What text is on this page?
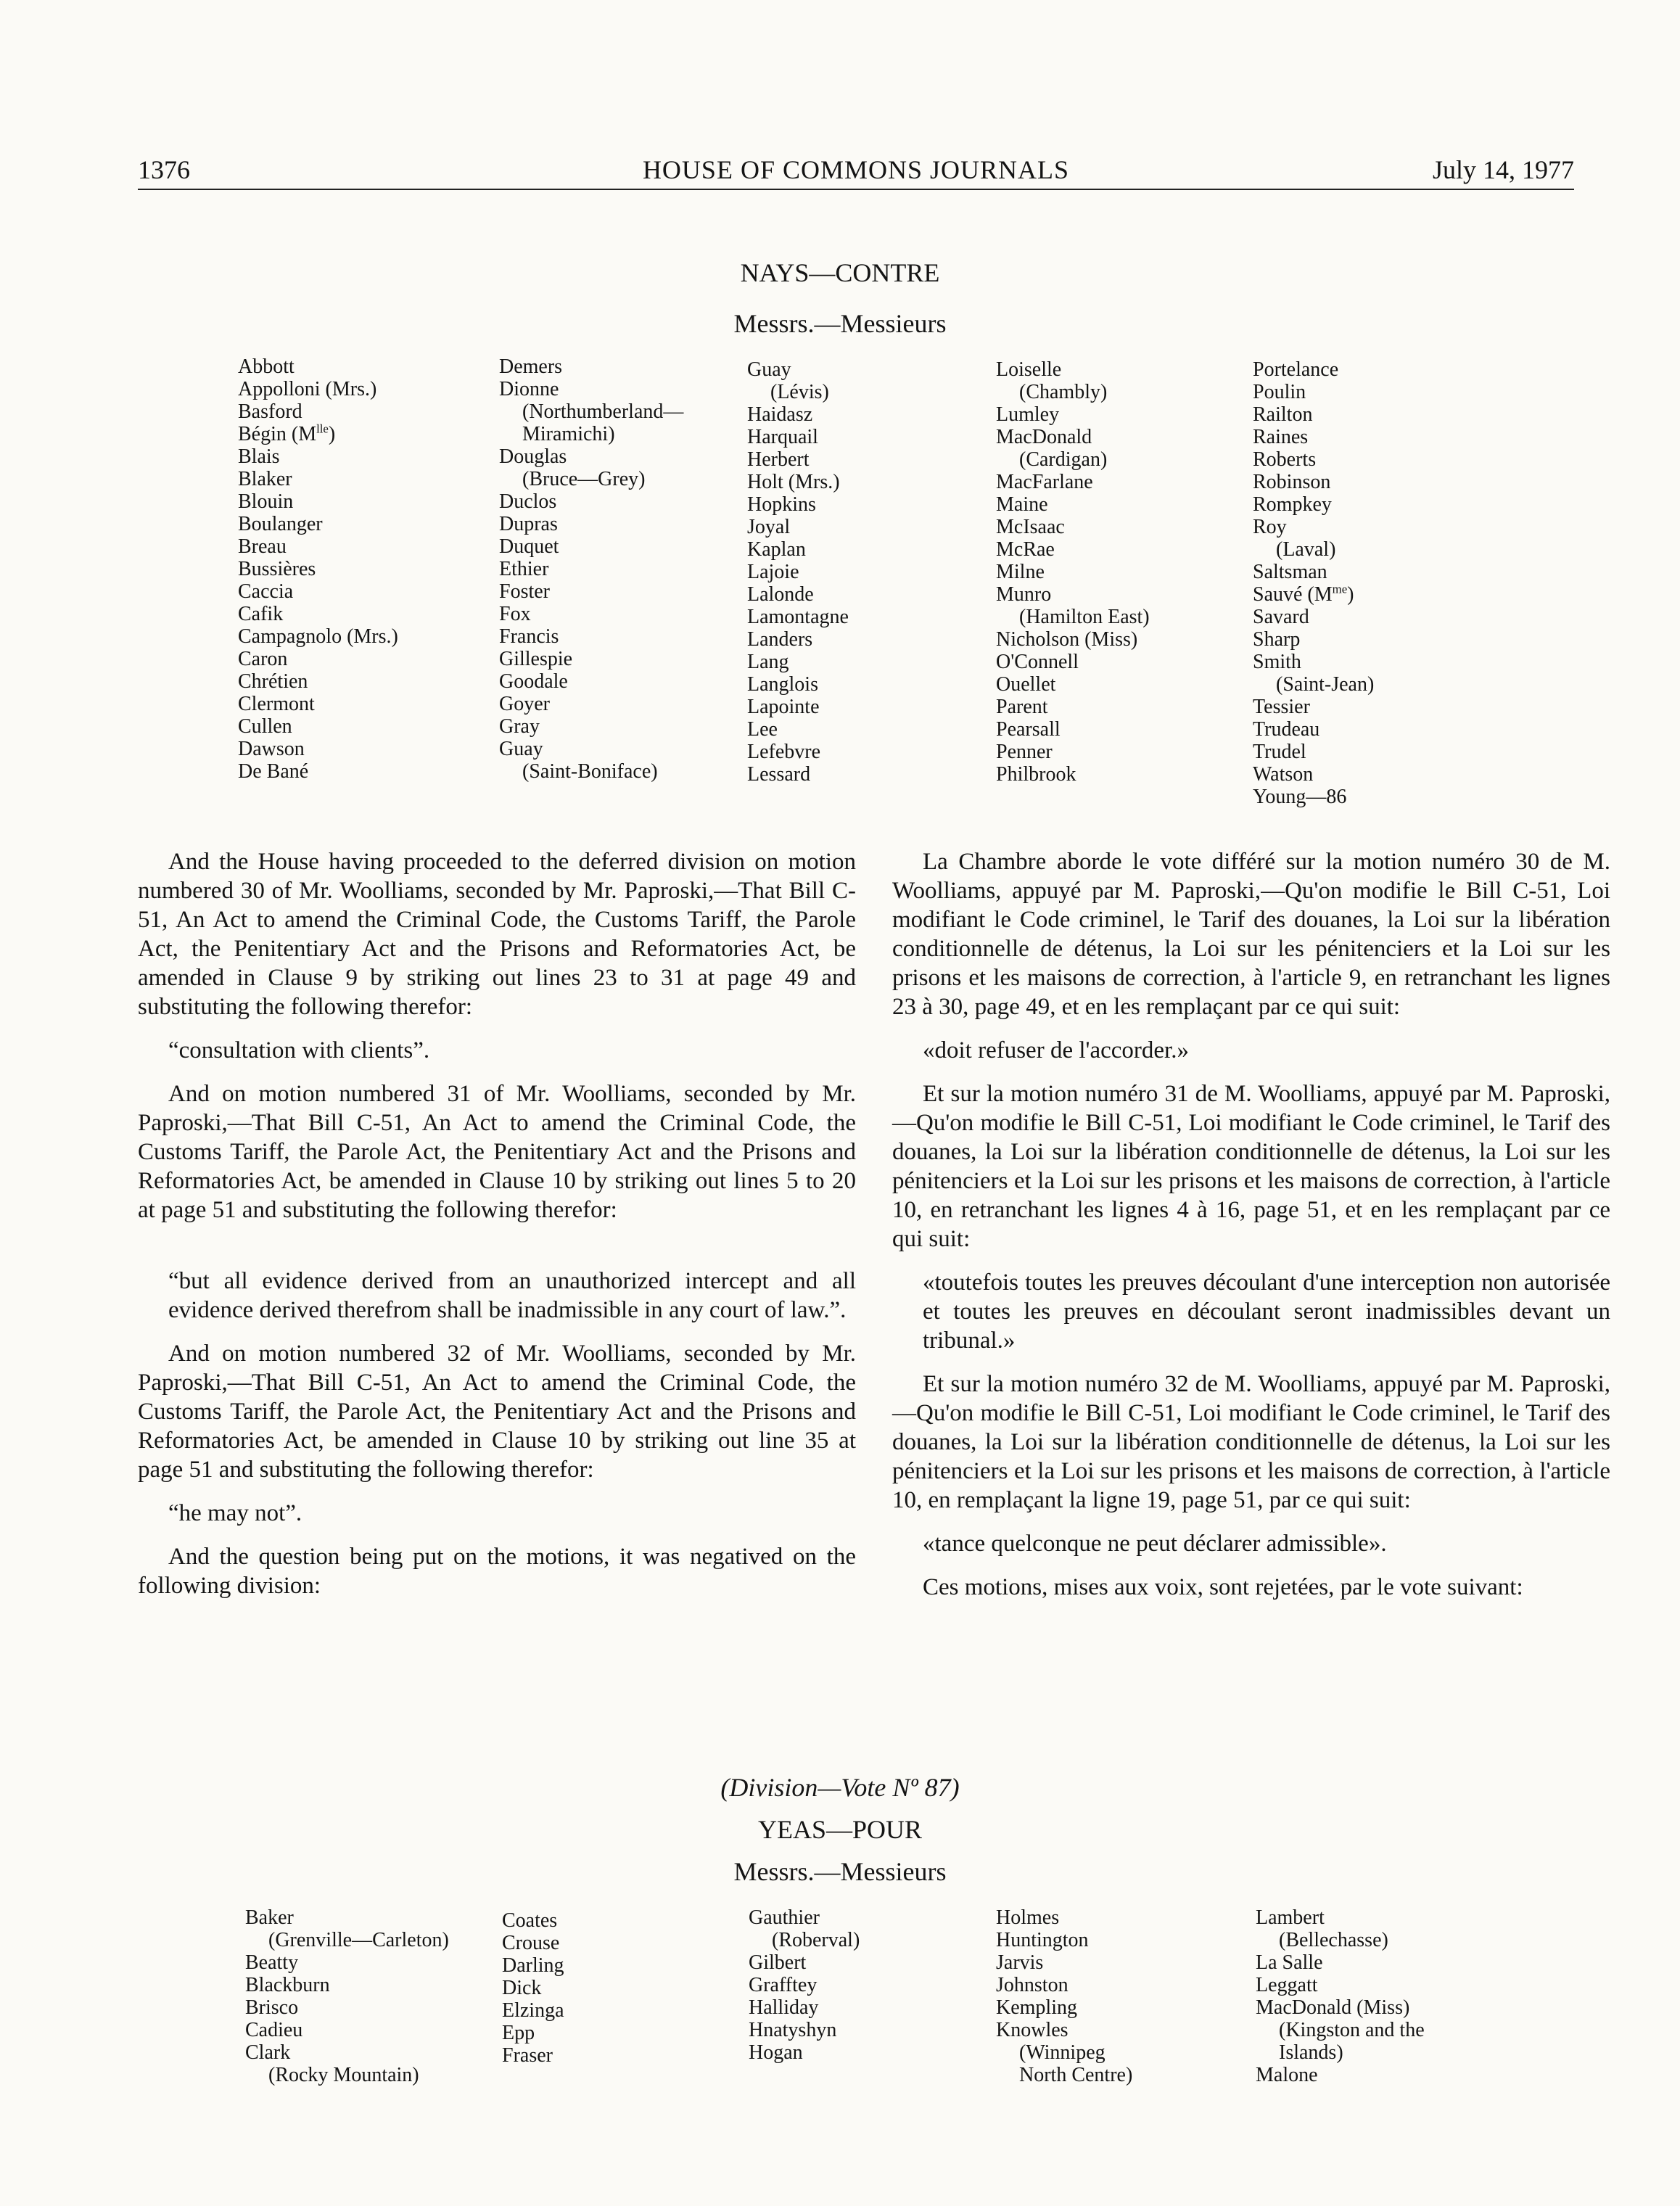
1376	HOUSE OF COMMONS JOURNALS	July 14, 1977
NAYS—CONTRE
Messrs.—Messieurs
Abbott
Appolloni (Mrs.)
Basford
Bégin $(M^{lle})$
Blais
Blaker
Blouin
Boulanger
Breau
Bussières
Caccia
Cafik
Campagnolo (Mrs.)
Caron
Chrétien
Clermont
Cullen
Dawson
De Bané
Demers
Dionne
(Northumberland—
Miramichi)
Douglas
(Bruce—Grey)
Duclos
Dupras
Duquet
Ethier
Foster
Fox
Francis
Gillespie
Goodale
Goyer
Gray
Guay
(Saint-Boniface)
Guay
(Lévis)
Haidasz
Harquail
Herbert
Holt (Mrs.)
Hopkins
Joyal
Kaplan
Lajoie
Lalonde
Lamontagne
Landers
Lang
Langlois
Lapointe
Lee
Lefebvre
Lessard
Loiselle
(Chambly)
Lumley
MacDonald
(Cardigan)
MacFarlane
Maine
McIsaac
McRae
Milne
Munro
(Hamilton East)
Nicholson (Miss)
O'Connell
Ouellet
Parent
Pearsall
Penner
Philbrook
Portelance
Poulin
Railton
Raines
Roberts
Robinson
Rompkey
Roy
(Laval)
Saltsman
Sauvé $(M^{me})$
Savard
Sharp
Smith
(Saint-Jean)
Tessier
Trudeau
Trudel
Watson
Young—86

And the House having proceeded to the deferred division on motion numbered 30 of Mr. Woolliams, seconded by Mr. Paproski,—That Bill C-51, An Act to amend the Criminal Code, the Customs Tariff, the Parole Act, the Penitentiary Act and the Prisons and Reformatories Act, be amended in Clause 9 by striking out lines 23 to 31 at page 49 and substituting the following therefor:

“consultation with clients”.

And on motion numbered 31 of Mr. Woolliams, seconded by Mr. Paproski,—That Bill C-51, An Act to amend the Criminal Code, the Customs Tariff, the Parole Act, the Penitentiary Act and the Prisons and Reformatories Act, be amended in Clause 10 by striking out lines 5 to 20 at page 51 and substituting the following therefor:

“but all evidence derived from an unauthorized intercept and all evidence derived therefrom shall be inadmissible in any court of law.”.

And on motion numbered 32 of Mr. Woolliams, seconded by Mr. Paproski,—That Bill C-51, An Act to amend the Criminal Code, the Customs Tariff, the Parole Act, the Penitentiary Act and the Prisons and Reformatories Act, be amended in Clause 10 by striking out line 35 at page 51 and substituting the following therefor:

“he may not”.

And the question being put on the motions, it was negatived on the following division:

La Chambre aborde le vote différé sur la motion numéro 30 de M. Woolliams, appuyé par M. Paproski,—Qu'on modifie le Bill C-51, Loi modifiant le Code criminel, le Tarif des douanes, la Loi sur la libération conditionnelle de détenus, la Loi sur les pénitenciers et la Loi sur les prisons et les maisons de correction, à l'article 9, en retranchant les lignes 23 à 30, page 49, et en les remplaçant par ce qui suit:

«doit refuser de l'accorder.»

Et sur la motion numéro 31 de M. Woolliams, appuyé par M. Paproski,—Qu'on modifie le Bill C-51, Loi modifiant le Code criminel, le Tarif des douanes, la Loi sur la libération conditionnelle de détenus, la Loi sur les pénitenciers et la Loi sur les prisons et les maisons de correction, à l'article 10, en retranchant les lignes 4 à 16, page 51, et en les remplaçant par ce qui suit:

«toutefois toutes les preuves découlant d'une interception non autorisée et toutes les preuves en découlant seront inadmissibles devant un tribunal.»

Et sur la motion numéro 32 de M. Woolliams, appuyé par M. Paproski,—Qu'on modifie le Bill C-51, Loi modifiant le Code criminel, le Tarif des douanes, la Loi sur la libération conditionnelle de détenus, la Loi sur les pénitenciers et la Loi sur les prisons et les maisons de correction, à l'article 10, en remplaçant la ligne 19, page 51, par ce qui suit:

«tance quelconque ne peut déclarer admissible».

Ces motions, mises aux voix, sont rejetées, par le vote suivant:

(Division—Vote Nº 87)
YEAS—POUR
Messrs.—Messieurs
Baker
(Grenville—Carleton)
Beatty
Blackburn
Brisco
Cadieu
Clark
(Rocky Mountain)
Coates
Crouse
Darling
Dick
Elzinga
Epp
Fraser
Gauthier
(Roberval)
Gilbert
Grafftey
Halliday
Hnatyshyn
Hogan
Holmes
Huntington
Jarvis
Johnston
Kempling
Knowles
(Winnipeg
North Centre)
Lambert
(Bellechasse)
La Salle
Leggatt
MacDonald (Miss)
(Kingston and the
Islands)
Malone
